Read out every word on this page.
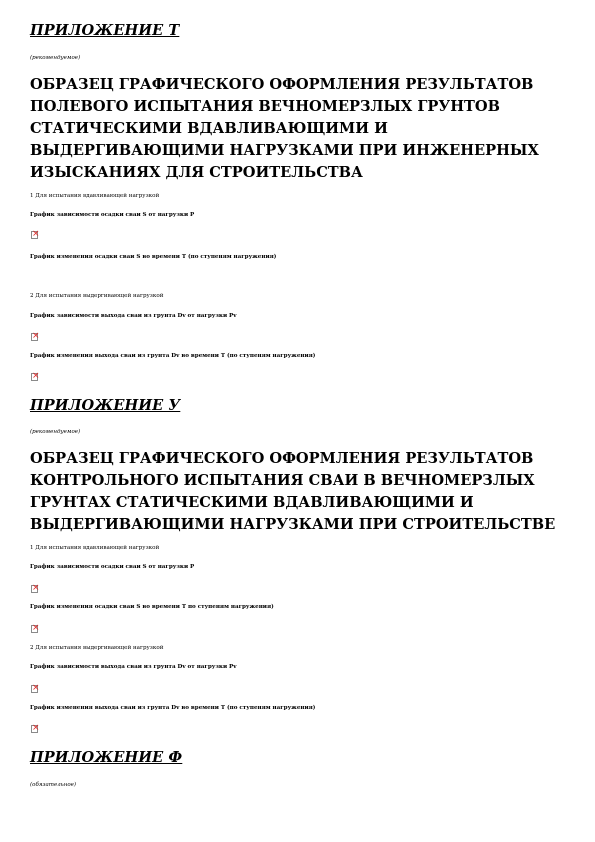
ПРИЛОЖЕНИЕ Т
(рекомендуемое)
ОБРАЗЕЦ ГРАФИЧЕСКОГО ОФОРМЛЕНИЯ РЕЗУЛЬТАТОВ
ПОЛЕВОГО ИСПЫТАНИЯ ВЕЧНОМЕРЗЛЫХ ГРУНТОВ
СТАТИЧЕСКИМИ ВДАВЛИВАЮЩИМИ И
ВЫДЕРГИВАЮЩИМИ НАГРУЗКАМИ ПРИ ИНЖЕНЕРНЫХ
ИЗЫСКАНИЯХ ДЛЯ СТРОИТЕЛЬСТВА
1 Для испытания вдавливающей нагрузкой
График зависимости осадки сваи S от нагрузки P
×
График изменения осадки сваи S во времени T (по ступеням нагружения)
2 Для испытания выдергивающей нагрузкой
График зависимости выхода сваи из грунта Dv от нагрузки Pv
×
График изменения выхода сваи из грунта Dv во времени T (по ступеням нагружения)
×
ПРИЛОЖЕНИЕ У
(рекомендуемое)
ОБРАЗЕЦ ГРАФИЧЕСКОГО ОФОРМЛЕНИЯ РЕЗУЛЬТАТОВ
КОНТРОЛЬНОГО ИСПЫТАНИЯ СВАИ В ВЕЧНОМЕРЗЛЫХ
ГРУНТАХ СТАТИЧЕСКИМИ ВДАВЛИВАЮЩИМИ И
ВЫДЕРГИВАЮЩИМИ НАГРУЗКАМИ ПРИ СТРОИТЕЛЬСТВЕ
1 Для испытания вдавливающей нагрузкой
График зависимости осадки сваи S от нагрузки P
×
График изменения осадки сваи S во времени T по ступеням нагружения)
×
2 Для испытания выдергивающей нагрузкой
График зависимости выхода сваи из грунта Dv от нагрузки Pv
×
График изменения выхода сваи из грунта Dv во времени T (по ступеням нагружения)
×
ПРИЛОЖЕНИЕ Ф
(обязательное)
